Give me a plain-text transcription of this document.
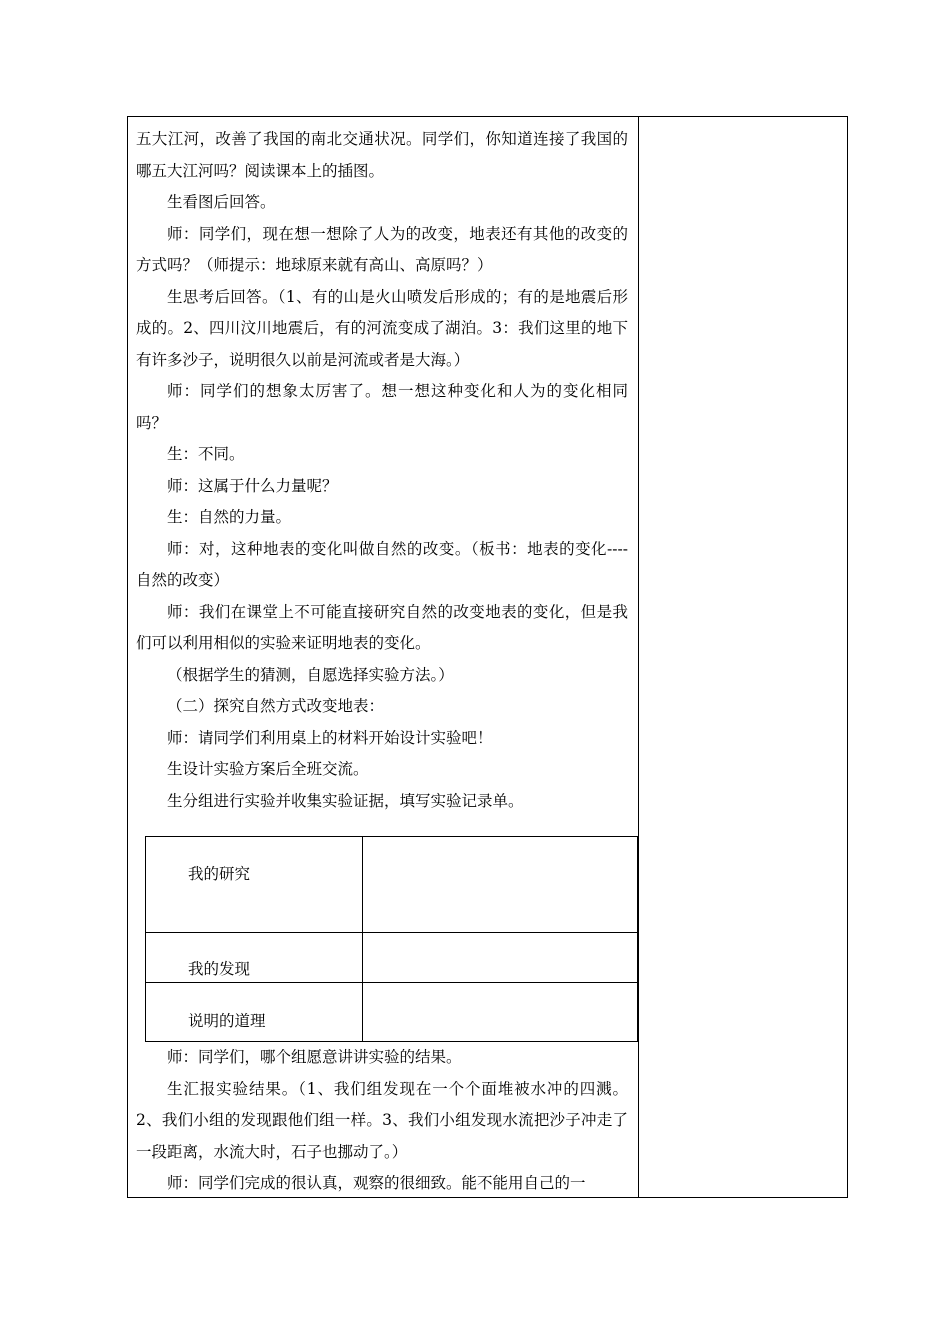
五大江河，改善了我国的南北交通状况。同学们，你知道连接了我国的哪五大江河吗？阅读课本上的插图。

生看图后回答。

师：同学们，现在想一想除了人为的改变，地表还有其他的改变的方式吗？（师提示：地球原来就有高山、高原吗？）

生思考后回答。（1、有的山是火山喷发后形成的；有的是地震后形成的。2、四川汶川地震后，有的河流变成了湖泊。3：我们这里的地下有许多沙子，说明很久以前是河流或者是大海。）

师：同学们的想象太厉害了。想一想这种变化和人为的变化相同吗？

生：不同。

师：这属于什么力量呢？

生：自然的力量。

师：对，这种地表的变化叫做自然的改变。（板书：地表的变化----自然的改变）

师：我们在课堂上不可能直接研究自然的改变地表的变化，但是我们可以利用相似的实验来证明地表的变化。

（根据学生的猜测，自愿选择实验方法。）

（二）探究自然方式改变地表：

师：请同学们利用桌上的材料开始设计实验吧！

生设计实验方案后全班交流。

生分组进行实验并收集实验证据，填写实验记录单。

我的研究	
我的发现	
说明的道理	

师：同学们，哪个组愿意讲讲实验的结果。

生汇报实验结果。（1、我们组发现在一个个面堆被水冲的四溅。2、我们小组的发现跟他们组一样。3、我们小组发现水流把沙子冲走了一段距离，水流大时，石子也挪动了。）

师：同学们完成的很认真，观察的很细致。能不能用自己的一
